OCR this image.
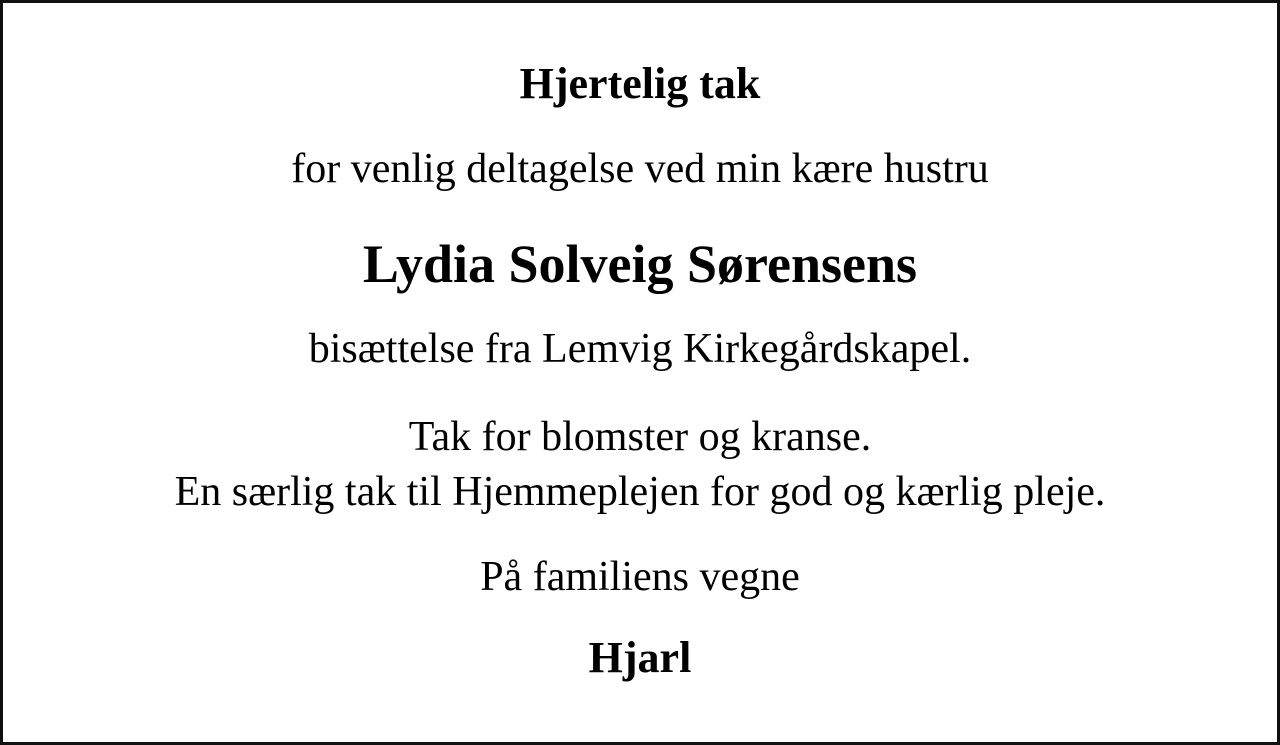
Hjertelig tak

for venlig deltagelse ved min kære hustru

Lydia Solveig Sørensens

bisættelse fra Lemvig Kirkegårdskapel.

Tak for blomster og kranse.

En særlig tak til Hjemmeplejen for god og kærlig pleje.

På familiens vegne

Hjarl
